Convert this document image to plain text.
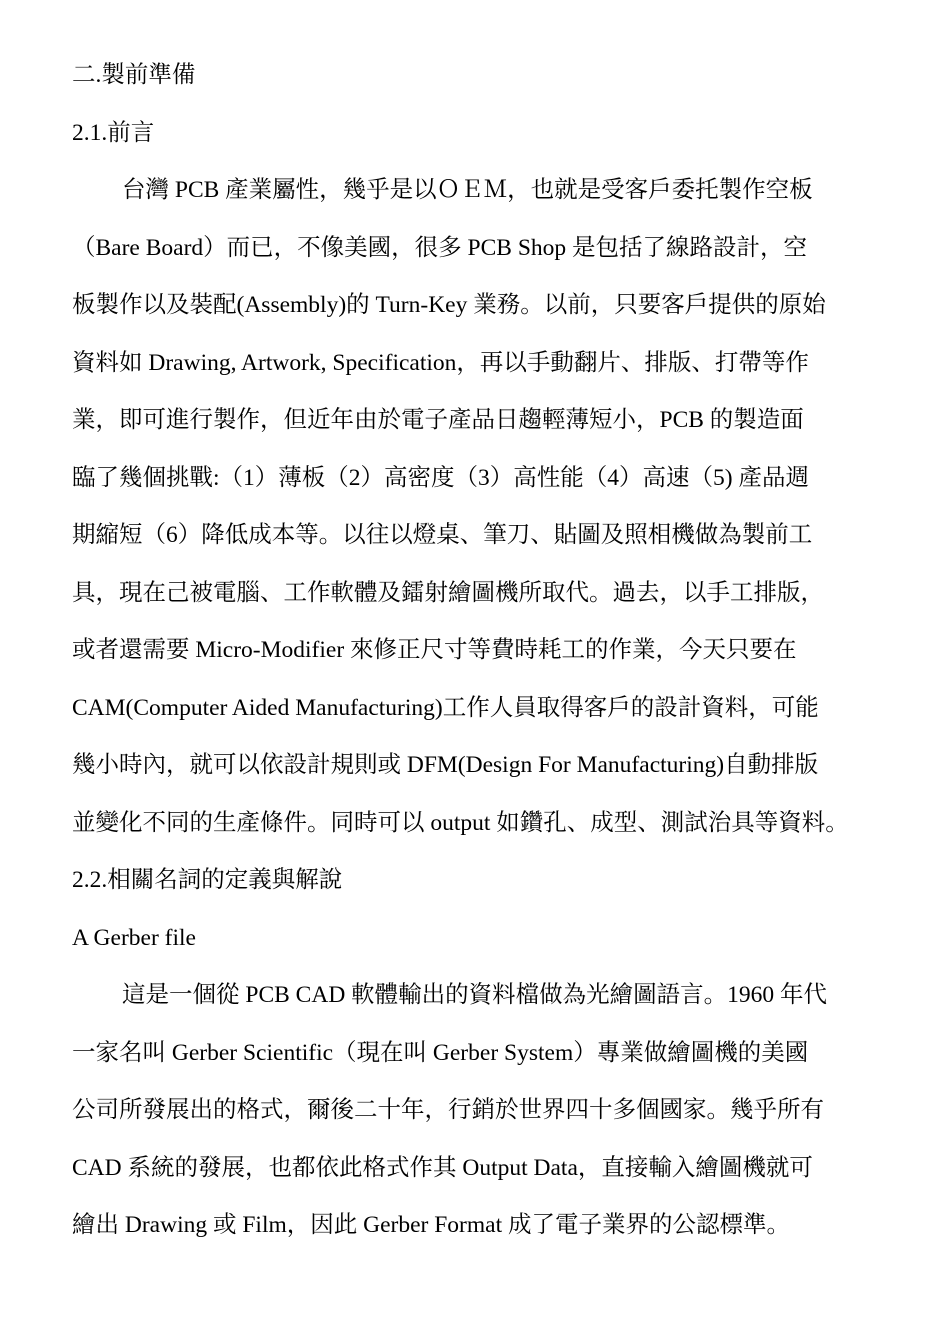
二.製前準備
2.1.前言
台灣 PCB 產業屬性，幾乎是以ＯＥＭ，也就是受客戶委托製作空板
（Bare Board）而已，不像美國，很多 PCB Shop 是包括了線路設計，空
板製作以及裝配(Assembly)的 Turn-Key 業務。以前，只要客戶提供的原始
資料如 Drawing, Artwork, Specification，再以手動翻片、排版、打帶等作
業，即可進行製作，但近年由於電子產品日趨輕薄短小，PCB 的製造面
臨了幾個挑戰:（1）薄板（2）高密度（3）高性能（4）高速（5) 產品週
期縮短（6）降低成本等。以往以燈桌、筆刀、貼圖及照相機做為製前工
具，現在己被電腦、工作軟體及鐳射繪圖機所取代。過去，以手工排版，
或者還需要 Micro-Modifier 來修正尺寸等費時耗工的作業，今天只要在
CAM(Computer Aided Manufacturing)工作人員取得客戶的設計資料，可能
幾小時內，就可以依設計規則或 DFM(Design For Manufacturing)自動排版
並變化不同的生產條件。同時可以 output 如鑽孔、成型、測試治具等資料。
2.2.相關名詞的定義與解說
A Gerber file
這是一個從 PCB CAD 軟體輸出的資料檔做為光繪圖語言。1960 年代
一家名叫 Gerber Scientific（現在叫 Gerber System）專業做繪圖機的美國
公司所發展出的格式，爾後二十年，行銷於世界四十多個國家。幾乎所有
CAD 系統的發展，也都依此格式作其 Output Data，直接輸入繪圖機就可
繪出 Drawing 或 Film，因此 Gerber Format 成了電子業界的公認標準。
